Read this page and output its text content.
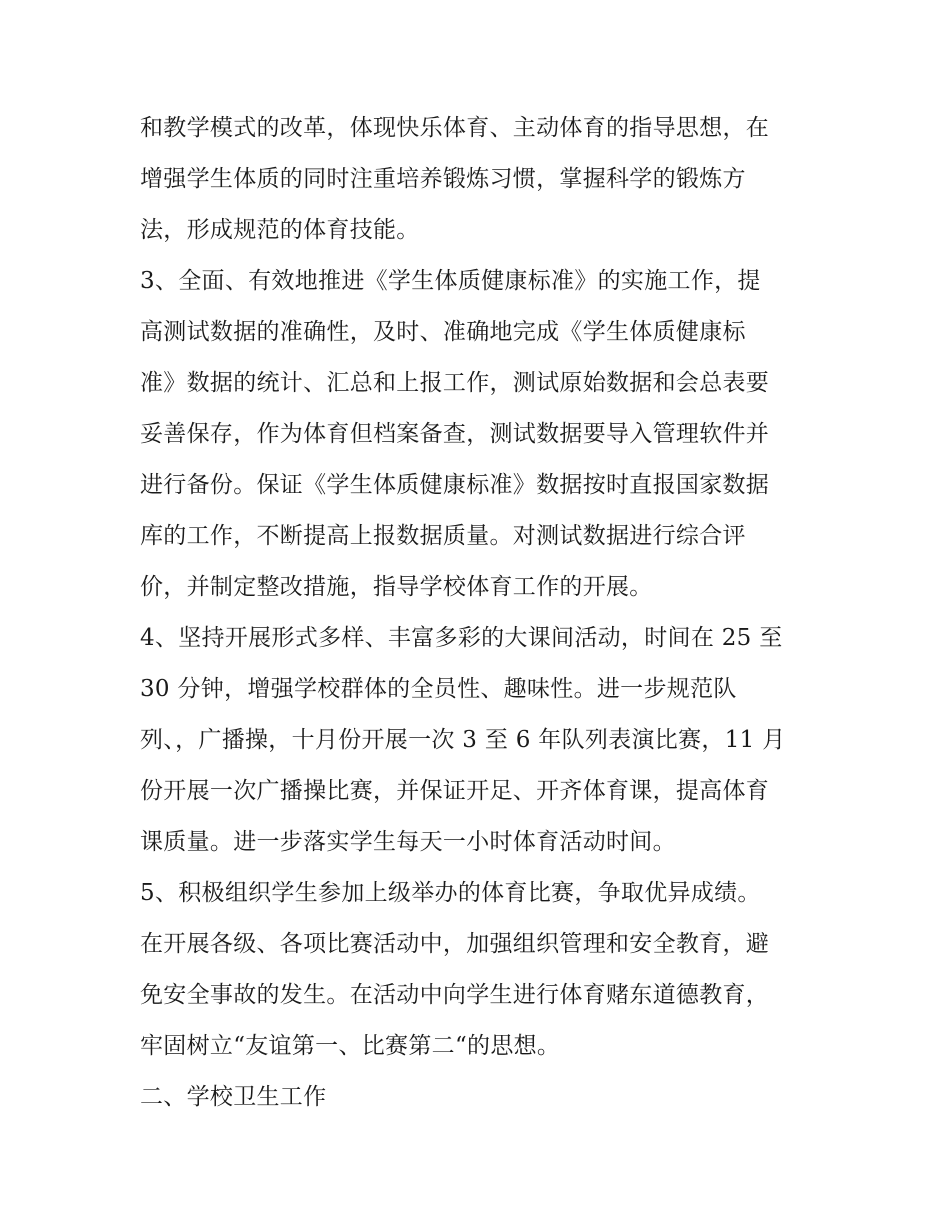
和教学模式的改革，体现快乐体育、主动体育的指导思想，在
增强学生体质的同时注重培养锻炼习惯，掌握科学的锻炼方
法，形成规范的体育技能。
3、全面、有效地推进《学生体质健康标准》的实施工作，提
高测试数据的准确性，及时、准确地完成《学生体质健康标
准》数据的统计、汇总和上报工作，测试原始数据和会总表要
妥善保存，作为体育但档案备查，测试数据要导入管理软件并
进行备份。保证《学生体质健康标准》数据按时直报国家数据
库的工作，不断提高上报数据质量。对测试数据进行综合评
价，并制定整改措施，指导学校体育工作的开展。
4、坚持开展形式多样、丰富多彩的大课间活动，时间在 25 至
30 分钟，增强学校群体的全员性、趣味性。进一步规范队
列、，广播操，十月份开展一次 3 至 6 年队列表演比赛，11 月
份开展一次广播操比赛，并保证开足、开齐体育课，提高体育
课质量。进一步落实学生每天一小时体育活动时间。
5、积极组织学生参加上级举办的体育比赛，争取优异成绩。
在开展各级、各项比赛活动中，加强组织管理和安全教育，避
免安全事故的发生。在活动中向学生进行体育赌东道德教育，
牢固树立“友谊第一、比赛第二“的思想。
二、学校卫生工作
